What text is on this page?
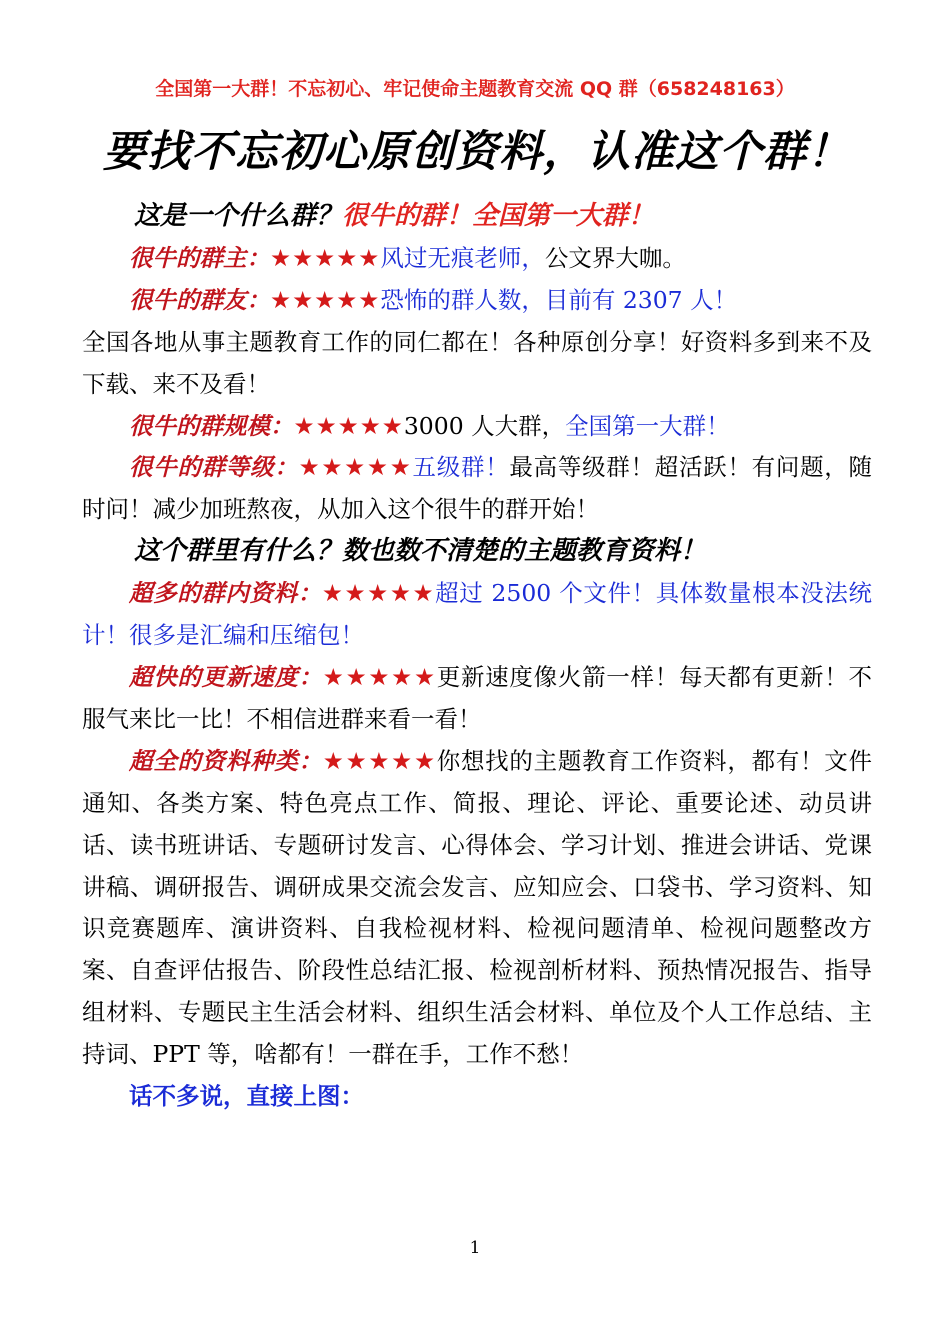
全国第一大群！不忘初心、牢记使命主题教育交流 QQ 群（658248163）
要找不忘初心原创资料，认准这个群！

这是一个什么群？很牛的群！全国第一大群！

很牛的群主：★★★★★风过无痕老师，公文界大咖。

很牛的群友：★★★★★恐怖的群人数，目前有 2307 人！

全国各地从事主题教育工作的同仁都在！各种原创分享！好资料多到来不及下载、来不及看！

很牛的群规模：★★★★★3000 人大群，全国第一大群！

很牛的群等级：★★★★★五级群！最高等级群！超活跃！有问题，随时问！减少加班熬夜，从加入这个很牛的群开始！

这个群里有什么？数也数不清楚的主题教育资料！

超多的群内资料：★★★★★超过 2500 个文件！具体数量根本没法统计！很多是汇编和压缩包！

超快的更新速度：★★★★★更新速度像火箭一样！每天都有更新！不服气来比一比！不相信进群来看一看！

超全的资料种类：★★★★★你想找的主题教育工作资料，都有！文件通知、各类方案、特色亮点工作、简报、理论、评论、重要论述、动员讲话、读书班讲话、专题研讨发言、心得体会、学习计划、推进会讲话、党课讲稿、调研报告、调研成果交流会发言、应知应会、口袋书、学习资料、知识竞赛题库、演讲资料、自我检视材料、检视问题清单、检视问题整改方案、自查评估报告、阶段性总结汇报、检视剖析材料、预热情况报告、指导组材料、专题民主生活会材料、组织生活会材料、单位及个人工作总结、主持词、PPT 等，啥都有！一群在手，工作不愁！

话不多说，直接上图：

1
